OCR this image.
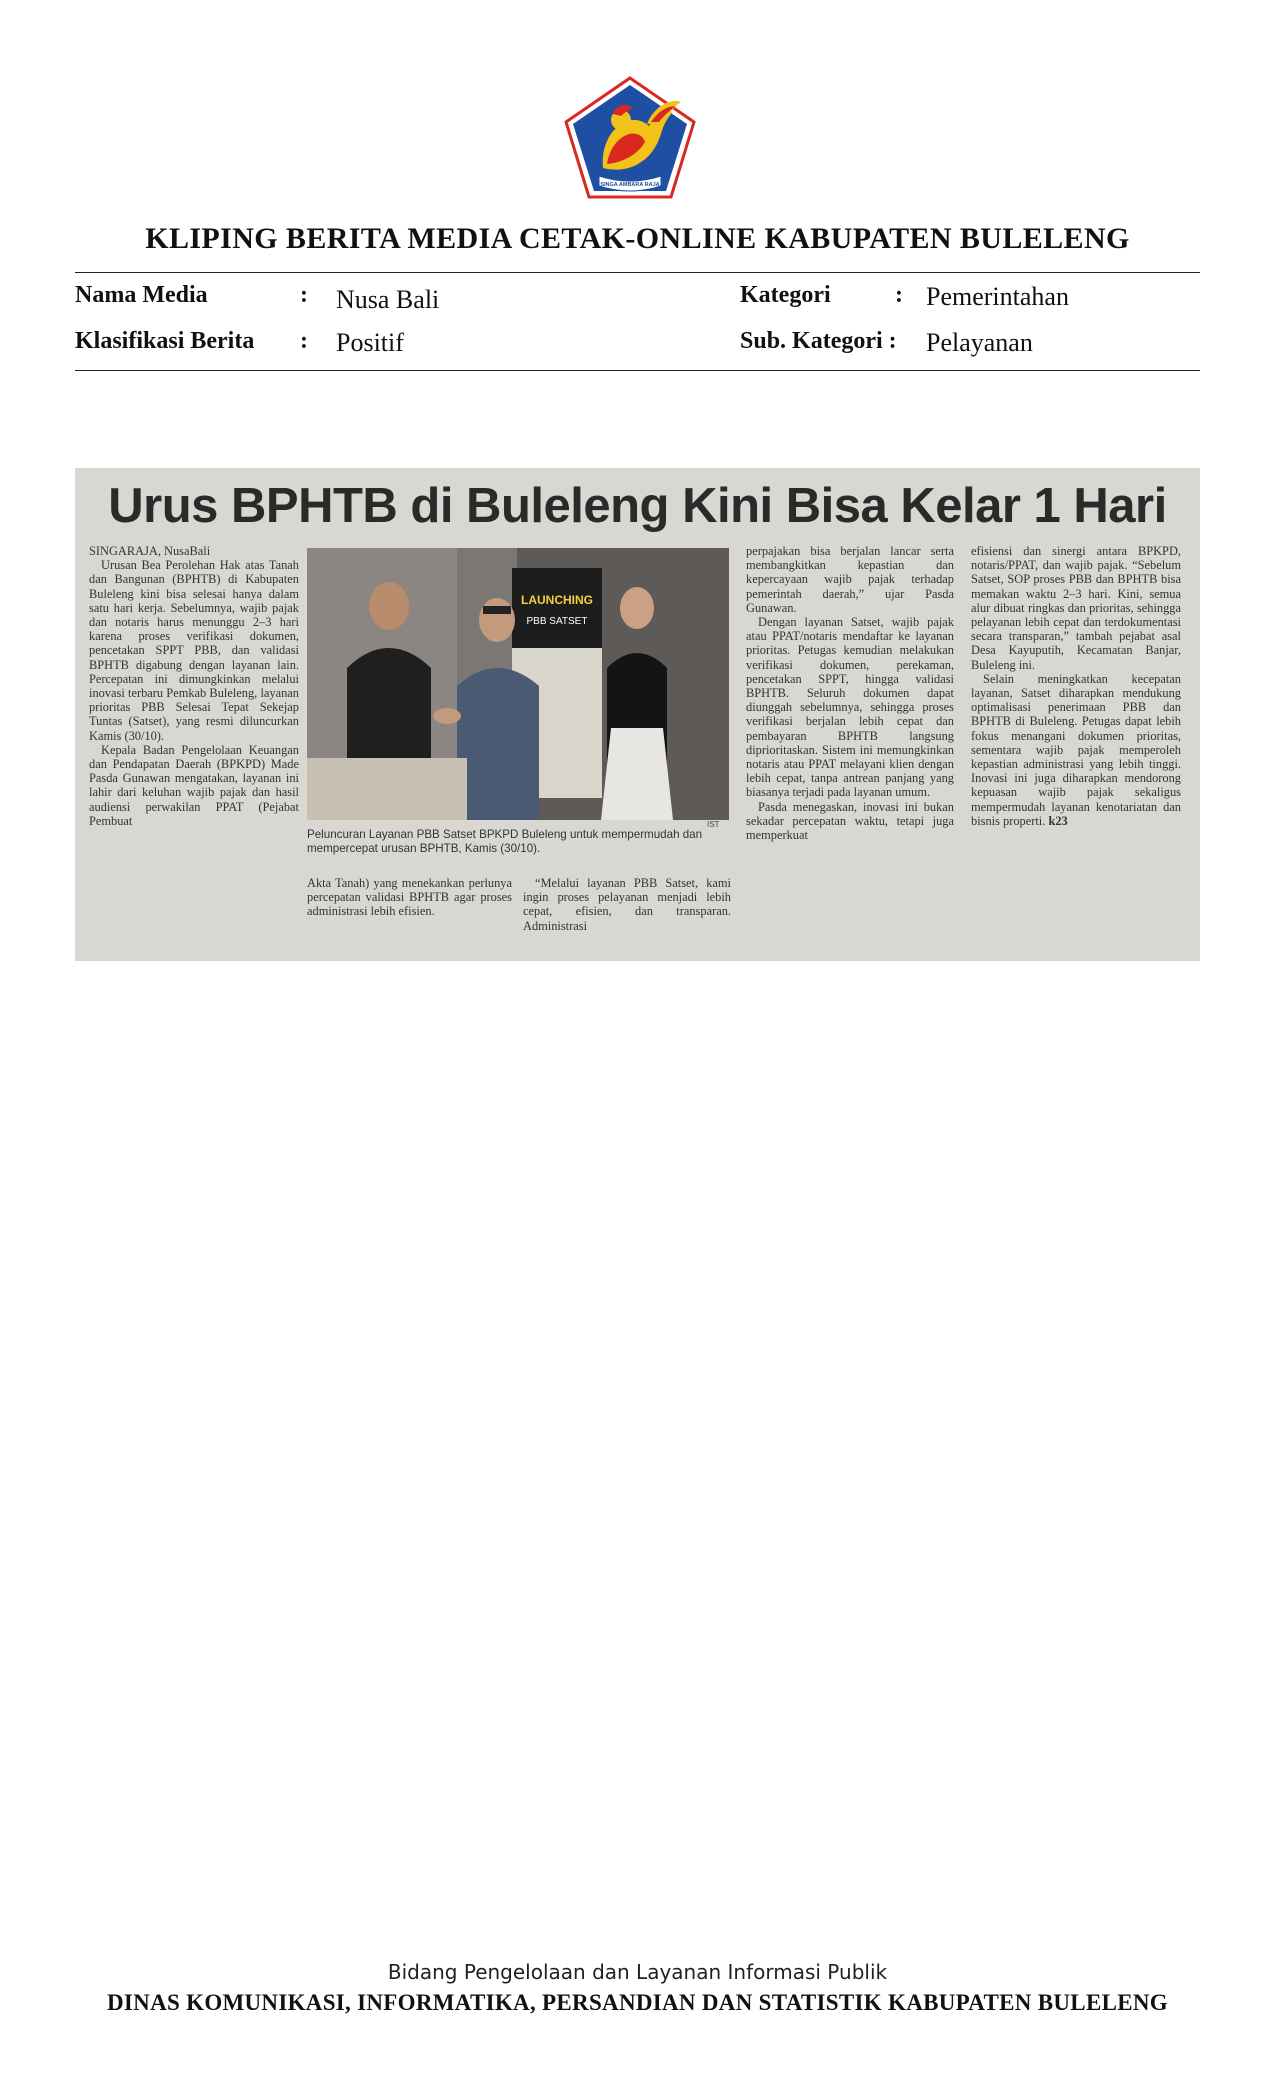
SINGA AMBARA RAJA
KLIPING BERITA MEDIA CETAK-ONLINE KABUPATEN BULELENG
Nama Media	: Nusa Bali	Kategori	: Pemerintahan
Klasifikasi Berita : Positif	Sub. Kategori : Pelayanan
Urus BPHTB di Buleleng Kini Bisa Kelar 1 Hari

SINGARAJA, NusaBali

Urusan Bea Perolehan Hak atas Tanah dan Bangunan (BPHTB) di Kabupaten Buleleng kini bisa selesai hanya dalam satu hari kerja. Sebelumnya, wajib pajak dan notaris harus menunggu 2–3 hari karena proses verifikasi dokumen, pencetakan SPPT PBB, dan validasi BPHTB digabung dengan layanan lain. Percepatan ini dimungkinkan melalui inovasi terbaru Pemkab Buleleng, layanan prioritas PBB Selesai Tepat Sekejap Tuntas (Satset), yang resmi diluncurkan Kamis (30/10).

Kepala Badan Pengelolaan Keuangan dan Pendapatan Daerah (BPKPD) Made Pasda Gunawan mengatakan, layanan ini lahir dari keluhan wajib pajak dan hasil audiensi perwakilan PPAT (Pejabat Pembuat

LAUNCHING
PBB SATSET
IST
Peluncuran Layanan PBB Satset BPKPD Buleleng untuk mempermudah dan mempercepat urusan BPHTB, Kamis (30/10).

Akta Tanah) yang menekankan perlunya percepatan validasi BPHTB agar proses administrasi lebih efisien.

“Melalui layanan PBB Satset, kami ingin proses pelayanan menjadi lebih cepat, efisien, dan transparan. Administrasi

perpajakan bisa berjalan lancar serta membangkitkan kepastian dan kepercayaan wajib pajak terhadap pemerintah daerah,” ujar Pasda Gunawan.

Dengan layanan Satset, wajib pajak atau PPAT/notaris mendaftar ke layanan prioritas. Petugas kemudian melakukan verifikasi dokumen, perekaman, pencetakan SPPT, hingga validasi BPHTB. Seluruh dokumen dapat diunggah sebelumnya, sehingga proses verifikasi berjalan lebih cepat dan pembayaran BPHTB langsung diprioritaskan. Sistem ini memungkinkan notaris atau PPAT melayani klien dengan lebih cepat, tanpa antrean panjang yang biasanya terjadi pada layanan umum.

Pasda menegaskan, inovasi ini bukan sekadar percepatan waktu, tetapi juga memperkuat

efisiensi dan sinergi antara BPKPD, notaris/PPAT, dan wajib pajak. “Sebelum Satset, SOP proses PBB dan BPHTB bisa memakan waktu 2–3 hari. Kini, semua alur dibuat ringkas dan prioritas, sehingga pelayanan lebih cepat dan terdokumentasi secara transparan,” tambah pejabat asal Desa Kayuputih, Kecamatan Banjar, Buleleng ini.

Selain meningkatkan kecepatan layanan, Satset diharapkan mendukung optimalisasi penerimaan PBB dan BPHTB di Buleleng. Petugas dapat lebih fokus menangani dokumen prioritas, sementara wajib pajak memperoleh kepastian administrasi yang lebih tinggi. Inovasi ini juga diharapkan mendorong kepuasan wajib pajak sekaligus mempermudah layanan kenotariatan dan bisnis properti. k23

Bidang Pengelolaan dan Layanan Informasi Publik
DINAS KOMUNIKASI, INFORMATIKA, PERSANDIAN DAN STATISTIK KABUPATEN BULELENG
